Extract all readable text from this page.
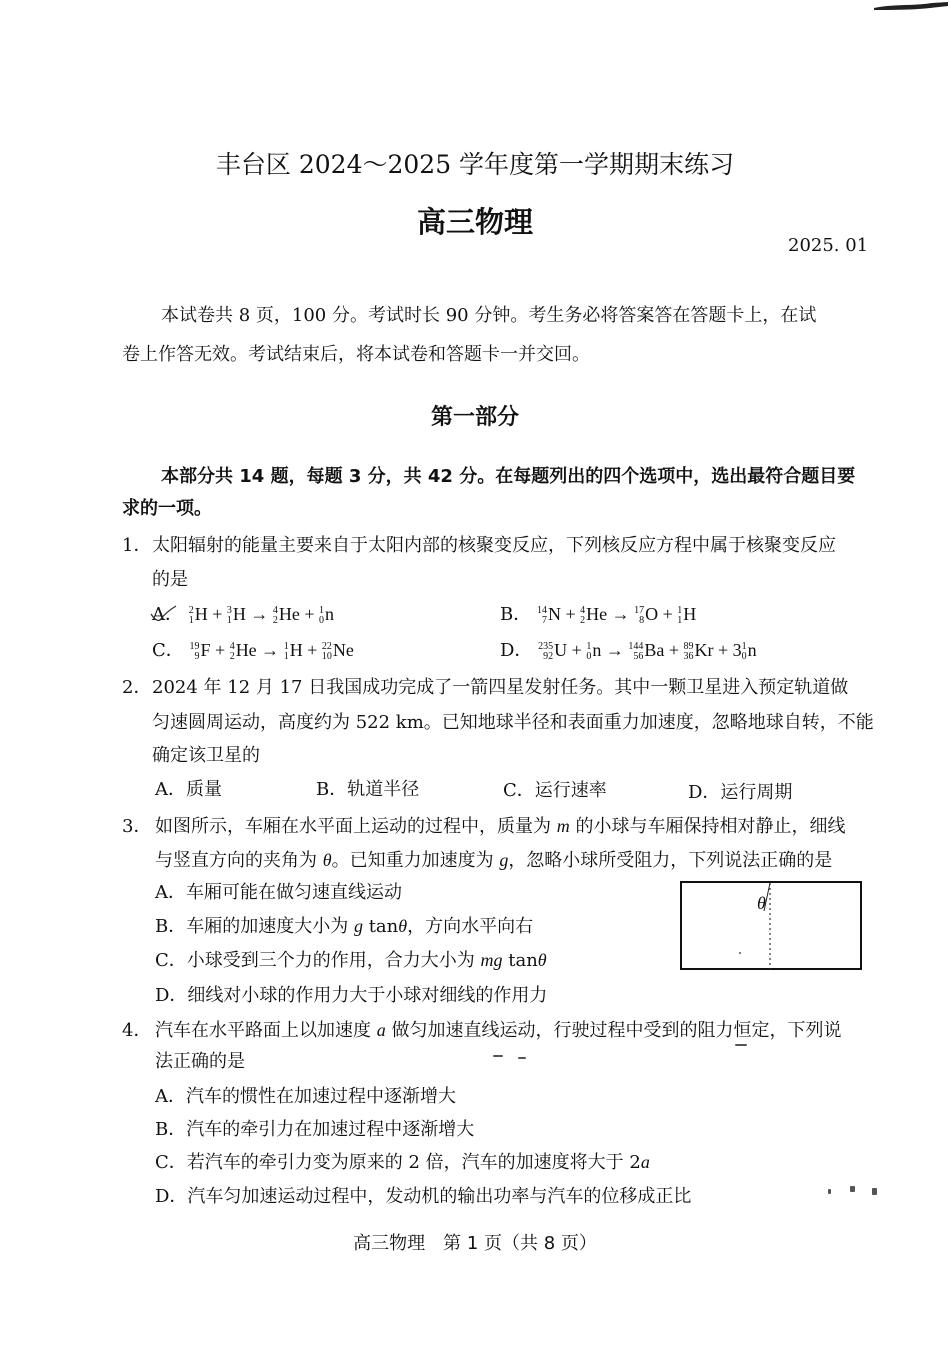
丰台区 2024～2025 学年度第一学期期末练习
高三物理
2025. 01
本试卷共 8 页，100 分。考试时长 90 分钟。考生务必将答案答在答题卡上，在试
卷上作答无效。考试结束后，将本试卷和答题卡一并交回。
第一部分
本部分共 14 题，每题 3 分，共 42 分。在每题列出的四个选项中，选出最符合题目要
求的一项。
1． 太阳辐射的能量主要来自于太阳内部的核聚变反应，下列核反应方程中属于核聚变反应
的是
A． 2
1 H + 3
1 H → 4
2 He + 1
0 n	B． 14
7 N + 4
2 He → 17
8 O + 1
1 H
C． 19
9 F + 4
2 He → 1
1 H + 22
10 Ne	D． 235
92 U + 1
0 n → 144
56 Ba + 89
36 Kr + 3 1
0 n
2． 2024 年 12 月 17 日我国成功完成了一箭四星发射任务。其中一颗卫星进入预定轨道做
匀速圆周运动，高度约为 522 km。已知地球半径和表面重力加速度，忽略地球自转，不能
确定该卫星的
A．质量	B．轨道半径	C．运行速率	D．运行周期
3． 如图所示，车厢在水平面上运动的过程中，质量为 m 的小球与车厢保持相对静止，细线
与竖直方向的夹角为 θ。已知重力加速度为 g，忽略小球所受阻力，下列说法正确的是
A．车厢可能在做匀速直线运动
B．车厢的加速度大小为 g tanθ，方向水平向右
C．小球受到三个力的作用，合力大小为 mg tanθ
D．细线对小球的作用力大于小球对细线的作用力
θ
4． 汽车在水平路面上以加速度 a 做匀加速直线运动，行驶过程中受到的阻力恒定，下列说
法正确的是
A．汽车的惯性在加速过程中逐渐增大
B．汽车的牵引力在加速过程中逐渐增大
C．若汽车的牵引力变为原来的 2 倍，汽车的加速度将大于 2a
D．汽车匀加速运动过程中，发动机的输出功率与汽车的位移成正比
高三物理　第 1 页（共 8 页）
